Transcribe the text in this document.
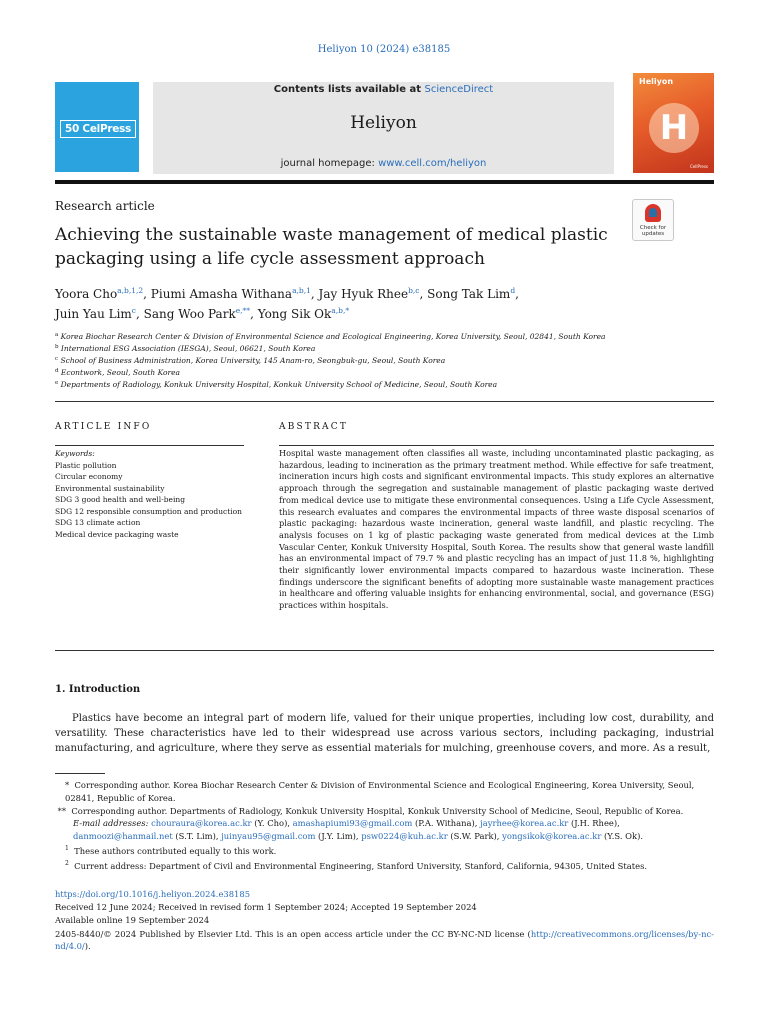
Heliyon 10 (2024) e38185
50 CelPress
Contents lists available at ScienceDirect
Heliyon
journal homepage: www.cell.com/heliyon
Heliyon
H
CellPress
Research article
Check for updates
Achieving the sustainable waste management of medical plastic packaging using a life cycle assessment approach
Yoora Cho$^{a,b,1,2}$, Piumi Amasha Withana$^{a,b,1}$, Jay Hyuk Rhee$^{b,c}$, Song Tak Lim$^d$,
Juin Yau Lim$^c$, Sang Woo Park$^{e,**}$, Yong Sik $Ok^{a,b,*}$
$^a$ Korea Biochar Research Center & Division of Environmental Science and Ecological Engineering, Korea University, Seoul, 02841, South Korea
$^b$ International ESG Association (IESGA), Seoul, 06621, South Korea
$^c$ School of Business Administration, Korea University, 145 Anam-ro, Seongbuk-gu, Seoul, South Korea
$^d$ Econtwork, Seoul, South Korea
$^e$ Departments of Radiology, Konkuk University Hospital, Konkuk University School of Medicine, Seoul, South Korea
ARTICLE INFO	ABSTRACT
Keywords:
Plastic pollution
Circular economy
Environmental sustainability
SDG 3 good health and well-being
SDG 12 responsible consumption and production
SDG 13 climate action
Medical device packaging waste
Hospital waste management often classifies all waste, including uncontaminated plastic packaging, as hazardous, leading to incineration as the primary treatment method. While effective for safe treatment, incineration incurs high costs and significant environmental impacts. This study explores an alternative approach through the segregation and sustainable management of plastic packaging waste derived from medical device use to mitigate these environmental consequences. Using a Life Cycle Assessment, this research evaluates and compares the environmental impacts of three waste disposal scenarios of plastic packaging: hazardous waste incineration, general waste landfill, and plastic recycling. The analysis focuses on 1 kg of plastic packaging waste generated from medical devices at the Limb Vascular Center, Konkuk University Hospital, South Korea. The results show that general waste landfill has an environmental impact of 79.7 % and plastic recycling has an impact of just 11.8 %, highlighting their significantly lower environmental impacts compared to hazardous waste incineration. These findings underscore the significant benefits of adopting more sustainable waste management practices in healthcare and offering valuable insights for enhancing environmental, social, and governance (ESG) practices within hospitals.
1. Introduction
Plastics have become an integral part of modern life, valued for their unique properties, including low cost, durability, and versatility. These characteristics have led to their widespread use across various sectors, including packaging, industrial manufacturing, and agriculture, where they serve as essential materials for mulching, greenhouse covers, and more. As a result,
* Corresponding author. Korea Biochar Research Center & Division of Environmental Science and Ecological Engineering, Korea University, Seoul, 02841, Republic of Korea.
** Corresponding author. Departments of Radiology, Konkuk University Hospital, Konkuk University School of Medicine, Seoul, Republic of Korea.
E-mail addresses: chouraura@korea.ac.kr (Y. Cho), amashapiumi93@gmail.com (P.A. Withana), jayrhee@korea.ac.kr (J.H. Rhee), danmoozi@hanmail.net (S.T. Lim), juinyau95@gmail.com (J.Y. Lim), psw0224@kuh.ac.kr (S.W. Park), yongsikok@korea.ac.kr (Y.S. Ok).
$^1$ These authors contributed equally to this work.
$^2$ Current address: Department of Civil and Environmental Engineering, Stanford University, Stanford, California, 94305, United States.
https://doi.org/10.1016/j.heliyon.2024.e38185
Received 12 June 2024; Received in revised form 1 September 2024; Accepted 19 September 2024
Available online 19 September 2024
2405-8440/© 2024 Published by Elsevier Ltd. This is an open access article under the CC BY-NC-ND license (http://creativecommons.org/licenses/by-nc-nd/4.0/).
